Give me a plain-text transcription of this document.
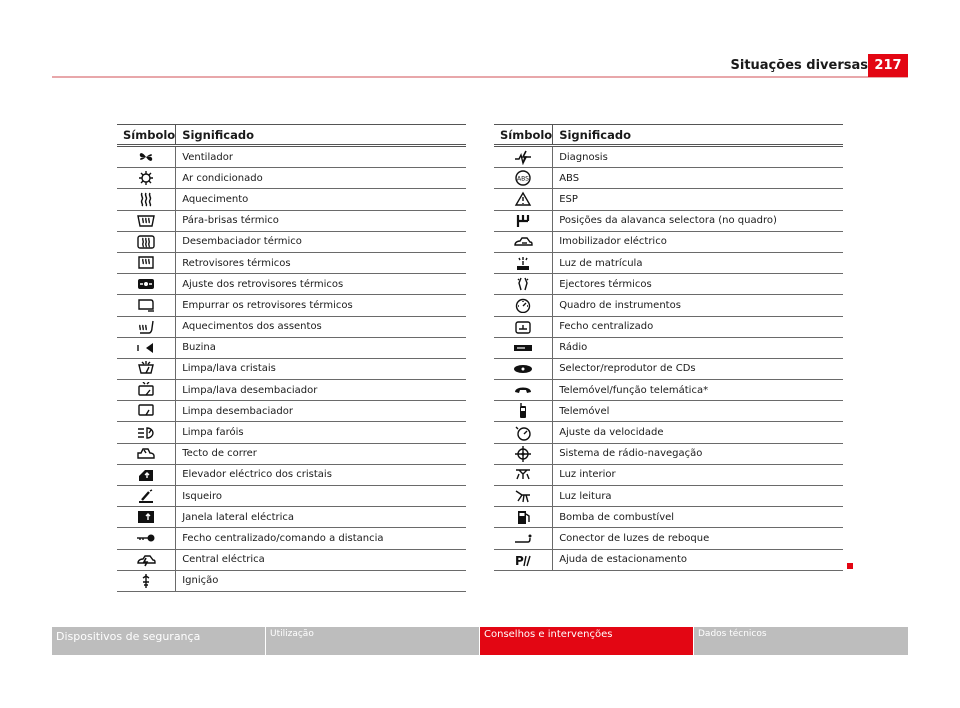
Situações diversas 217
Símbolo	Significado

	Ventilador

	Ar condicionado

	Aquecimento

	Pára-brisas térmico

	Desembaciador térmico

	Retrovisores térmicos

	Ajuste dos retrovisores térmicos

	Empurrar os retrovisores térmicos

	Aquecimentos dos assentos

	Buzina

	Limpa/lava cristais

	Limpa/lava desembaciador

	Limpa desembaciador

	Limpa faróis

	Tecto de correr

	Elevador eléctrico dos cristais

	Isqueiro

	Janela lateral eléctrica

	Fecho centralizado/comando a distancia

	Central eléctrica

	Ignição
Símbolo	Significado

	Diagnosis

ABS	ABS

	ESP

	Posições da alavanca selectora (no quadro)

	Imobilizador eléctrico

	Luz de matrícula

	Ejectores térmicos

	Quadro de instrumentos

	Fecho centralizado

	Rádio

	Selector/reprodutor de CDs

	Telemóvel/função telemática*

	Telemóvel

	Ajuste da velocidade

	Sistema de rádio-navegação

	Luz interior

	Luz leitura

	Bomba de combustível

	Conector de luzes de reboque

P	Ajuda de estacionamento
Dispositivos de segurança	Utilização	Conselhos e intervenções	Dados técnicos
